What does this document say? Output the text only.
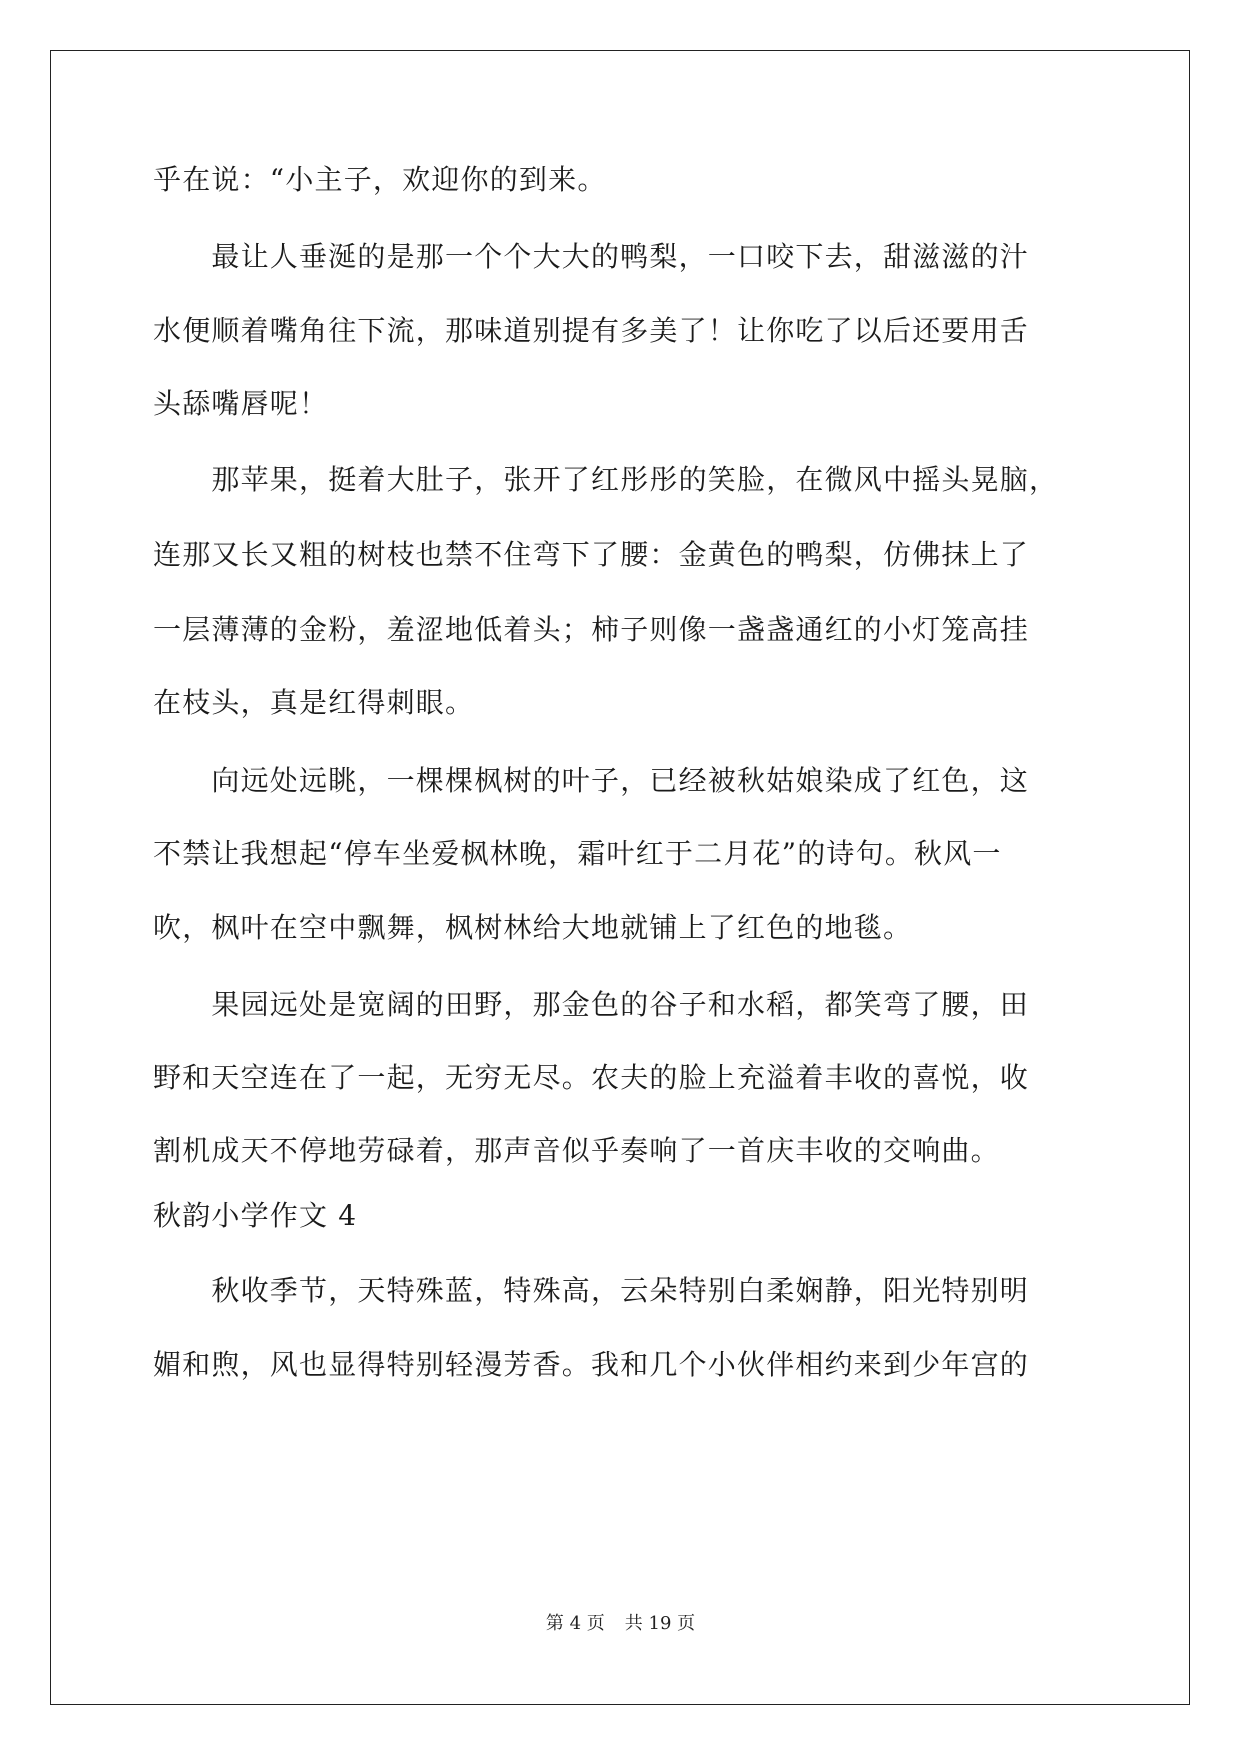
乎在说：“小主子，欢迎你的到来。
　　最让人垂涎的是那一个个大大的鸭梨，一口咬下去，甜滋滋的汁
水便顺着嘴角往下流，那味道别提有多美了！让你吃了以后还要用舌
头舔嘴唇呢！
　　那苹果，挺着大肚子，张开了红彤彤的笑脸，在微风中摇头晃脑，
连那又长又粗的树枝也禁不住弯下了腰：金黄色的鸭梨，仿佛抹上了
一层薄薄的金粉，羞涩地低着头；柿子则像一盏盏通红的小灯笼高挂
在枝头，真是红得刺眼。
　　向远处远眺，一棵棵枫树的叶子，已经被秋姑娘染成了红色，这
不禁让我想起“停车坐爱枫林晚，霜叶红于二月花”的诗句。秋风一
吹，枫叶在空中飘舞，枫树林给大地就铺上了红色的地毯。
　　果园远处是宽阔的田野，那金色的谷子和水稻，都笑弯了腰，田
野和天空连在了一起，无穷无尽。农夫的脸上充溢着丰收的喜悦，收
割机成天不停地劳碌着，那声音似乎奏响了一首庆丰收的交响曲。
秋韵小学作文 4
　　秋收季节，天特殊蓝，特殊高，云朵特别白柔娴静，阳光特别明
媚和煦，风也显得特别轻漫芳香。我和几个小伙伴相约来到少年宫的
第 4 页 共 19 页
